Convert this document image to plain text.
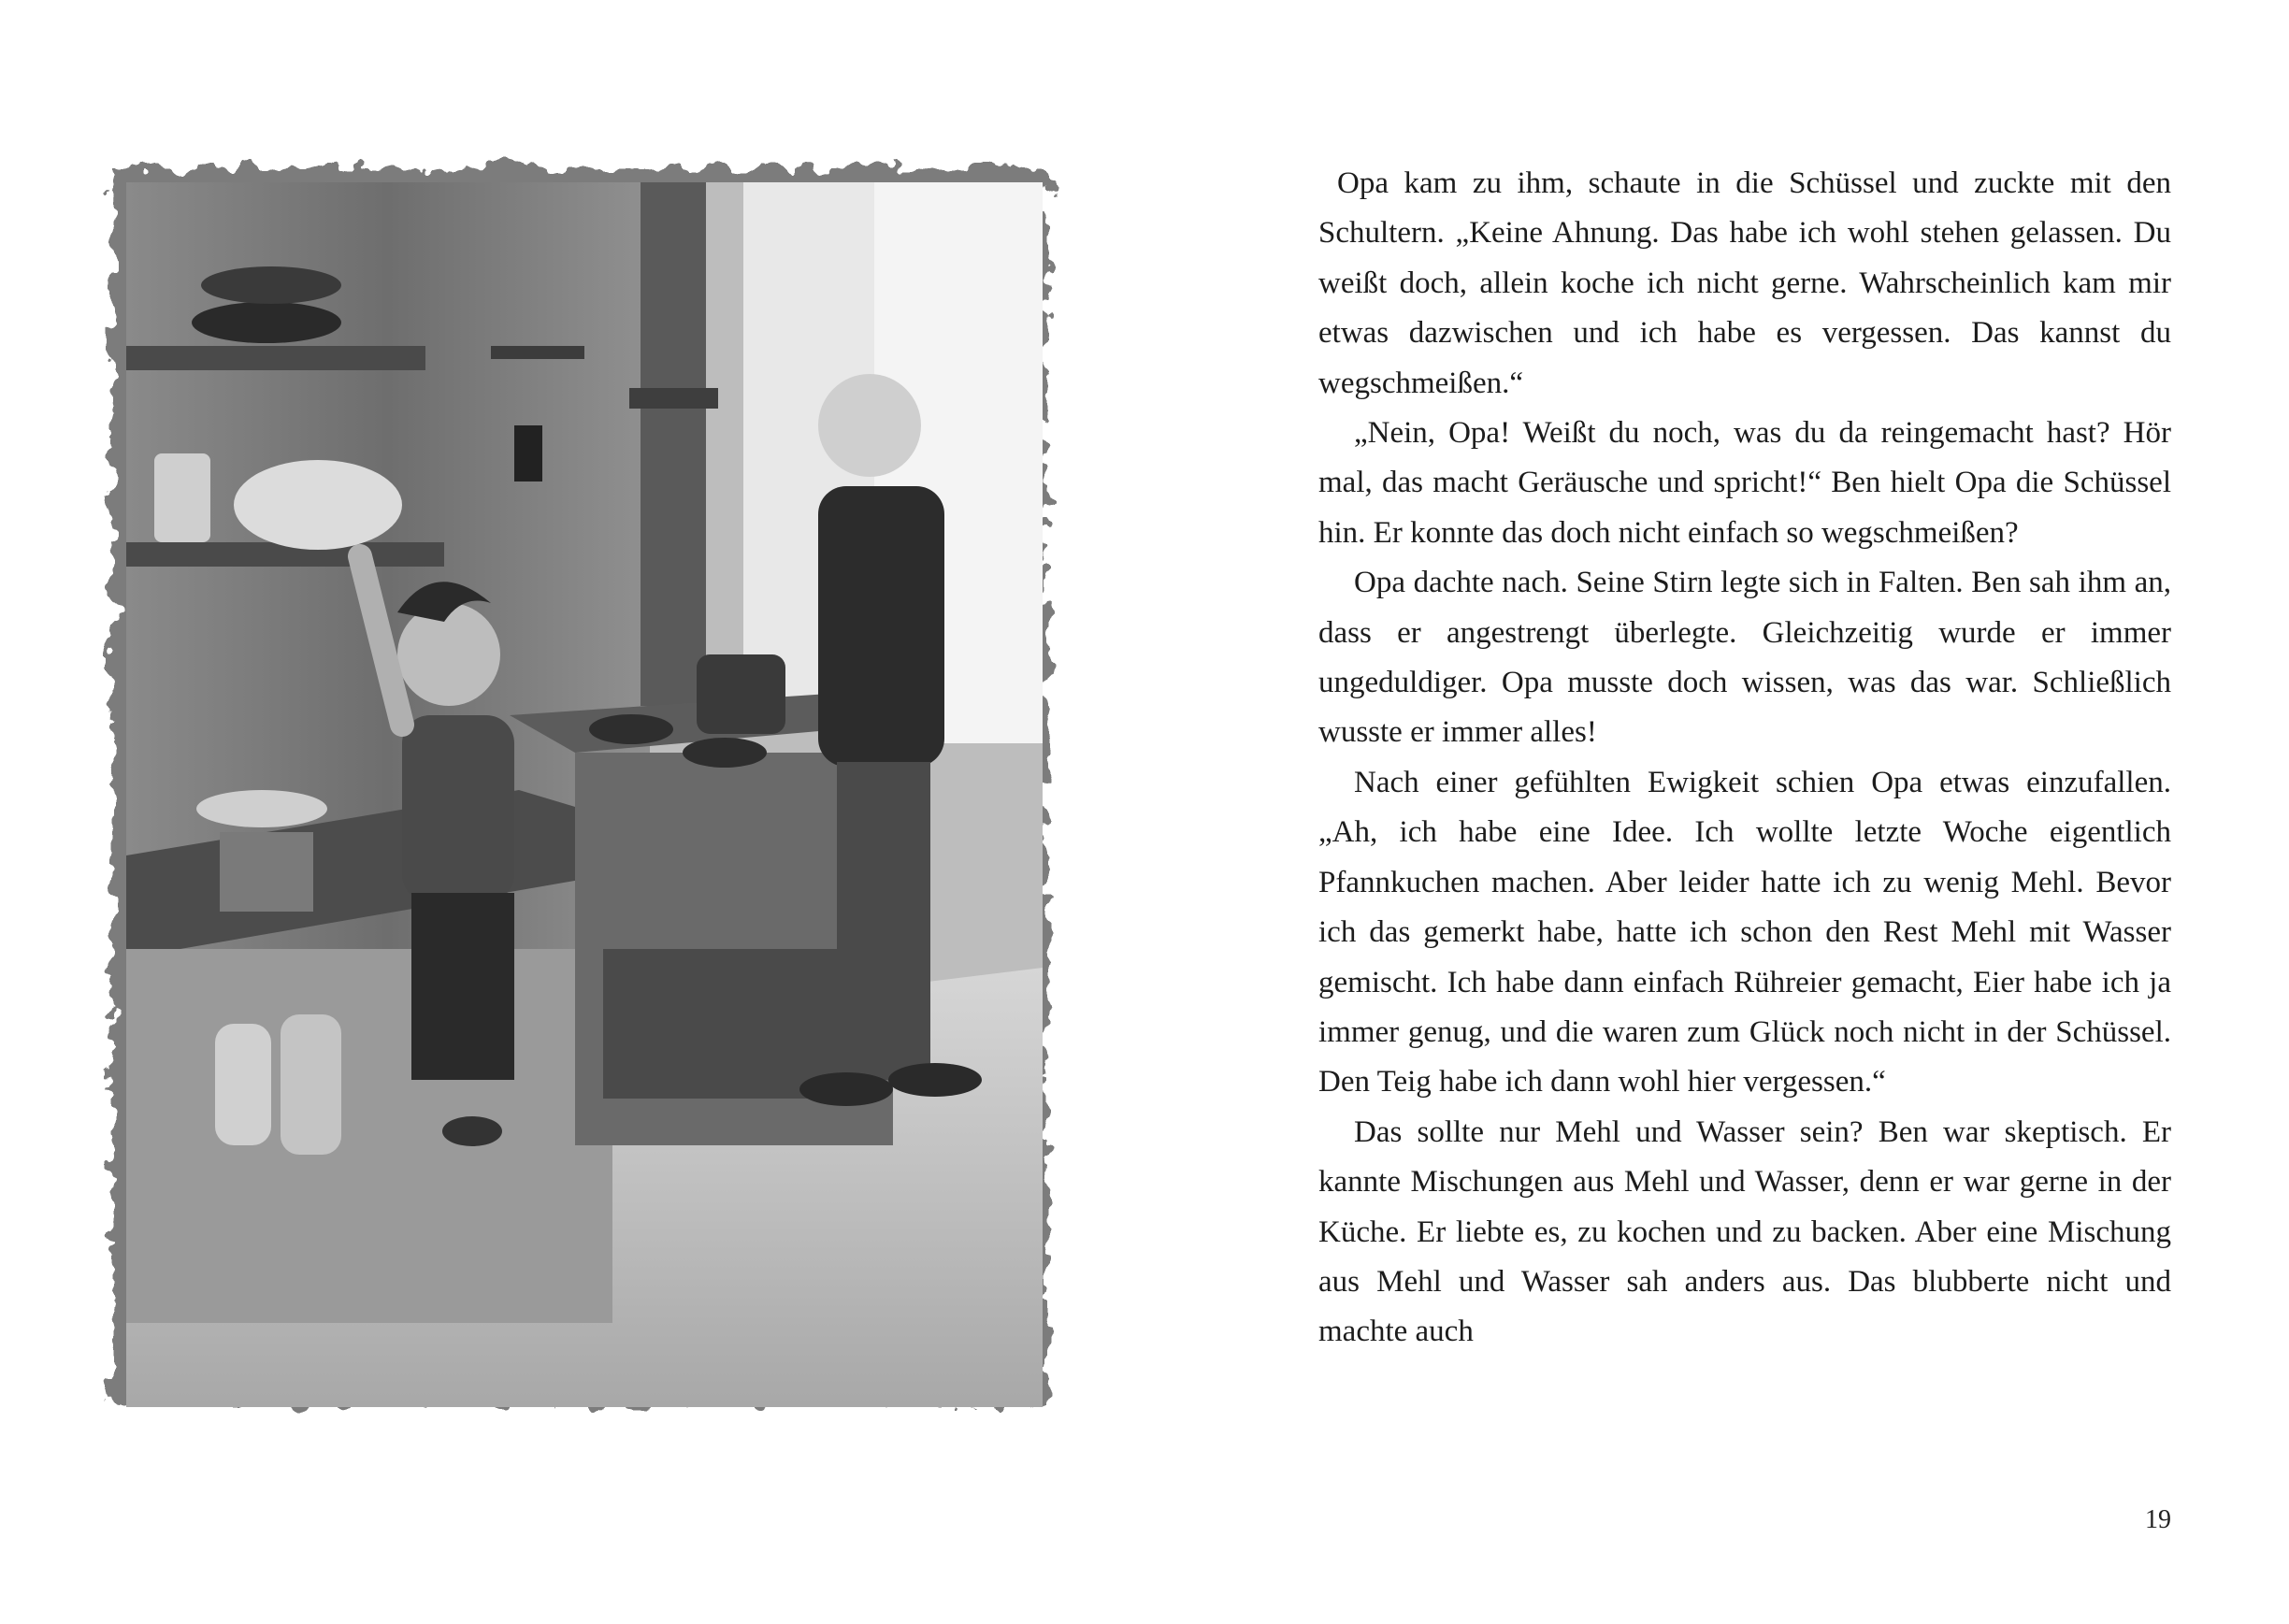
Opa kam zu ihm, schaute in die Schüssel und zuckte mit den Schultern. „Keine Ahnung. Das habe ich wohl stehen gelassen. Du weißt doch, allein koche ich nicht gerne. Wahrscheinlich kam mir etwas dazwischen und ich habe es vergessen. Das kannst du wegschmeißen.“

„Nein, Opa! Weißt du noch, was du da reingemacht hast? Hör mal, das macht Geräusche und spricht!“ Ben hielt Opa die Schüssel hin. Er konnte das doch nicht einfach so wegschmeißen?

Opa dachte nach. Seine Stirn legte sich in Falten. Ben sah ihm an, dass er angestrengt überlegte. Gleichzeitig wurde er immer ungeduldiger. Opa musste doch wissen, was das war. Schließlich wusste er immer alles!

Nach einer gefühlten Ewigkeit schien Opa etwas einzufallen. „Ah, ich habe eine Idee. Ich wollte letzte Woche eigentlich Pfannkuchen machen. Aber leider hatte ich zu wenig Mehl. Bevor ich das gemerkt habe, hatte ich schon den Rest Mehl mit Wasser gemischt. Ich habe dann einfach Rühreier gemacht, Eier habe ich ja immer genug, und die waren zum Glück noch nicht in der Schüssel. Den Teig habe ich dann wohl hier vergessen.“

Das sollte nur Mehl und Wasser sein? Ben war skeptisch. Er kannte Mischungen aus Mehl und Wasser, denn er war gerne in der Küche. Er liebte es, zu kochen und zu backen. Aber eine Mischung aus Mehl und Wasser sah anders aus. Das blubberte nicht und machte auch

19
